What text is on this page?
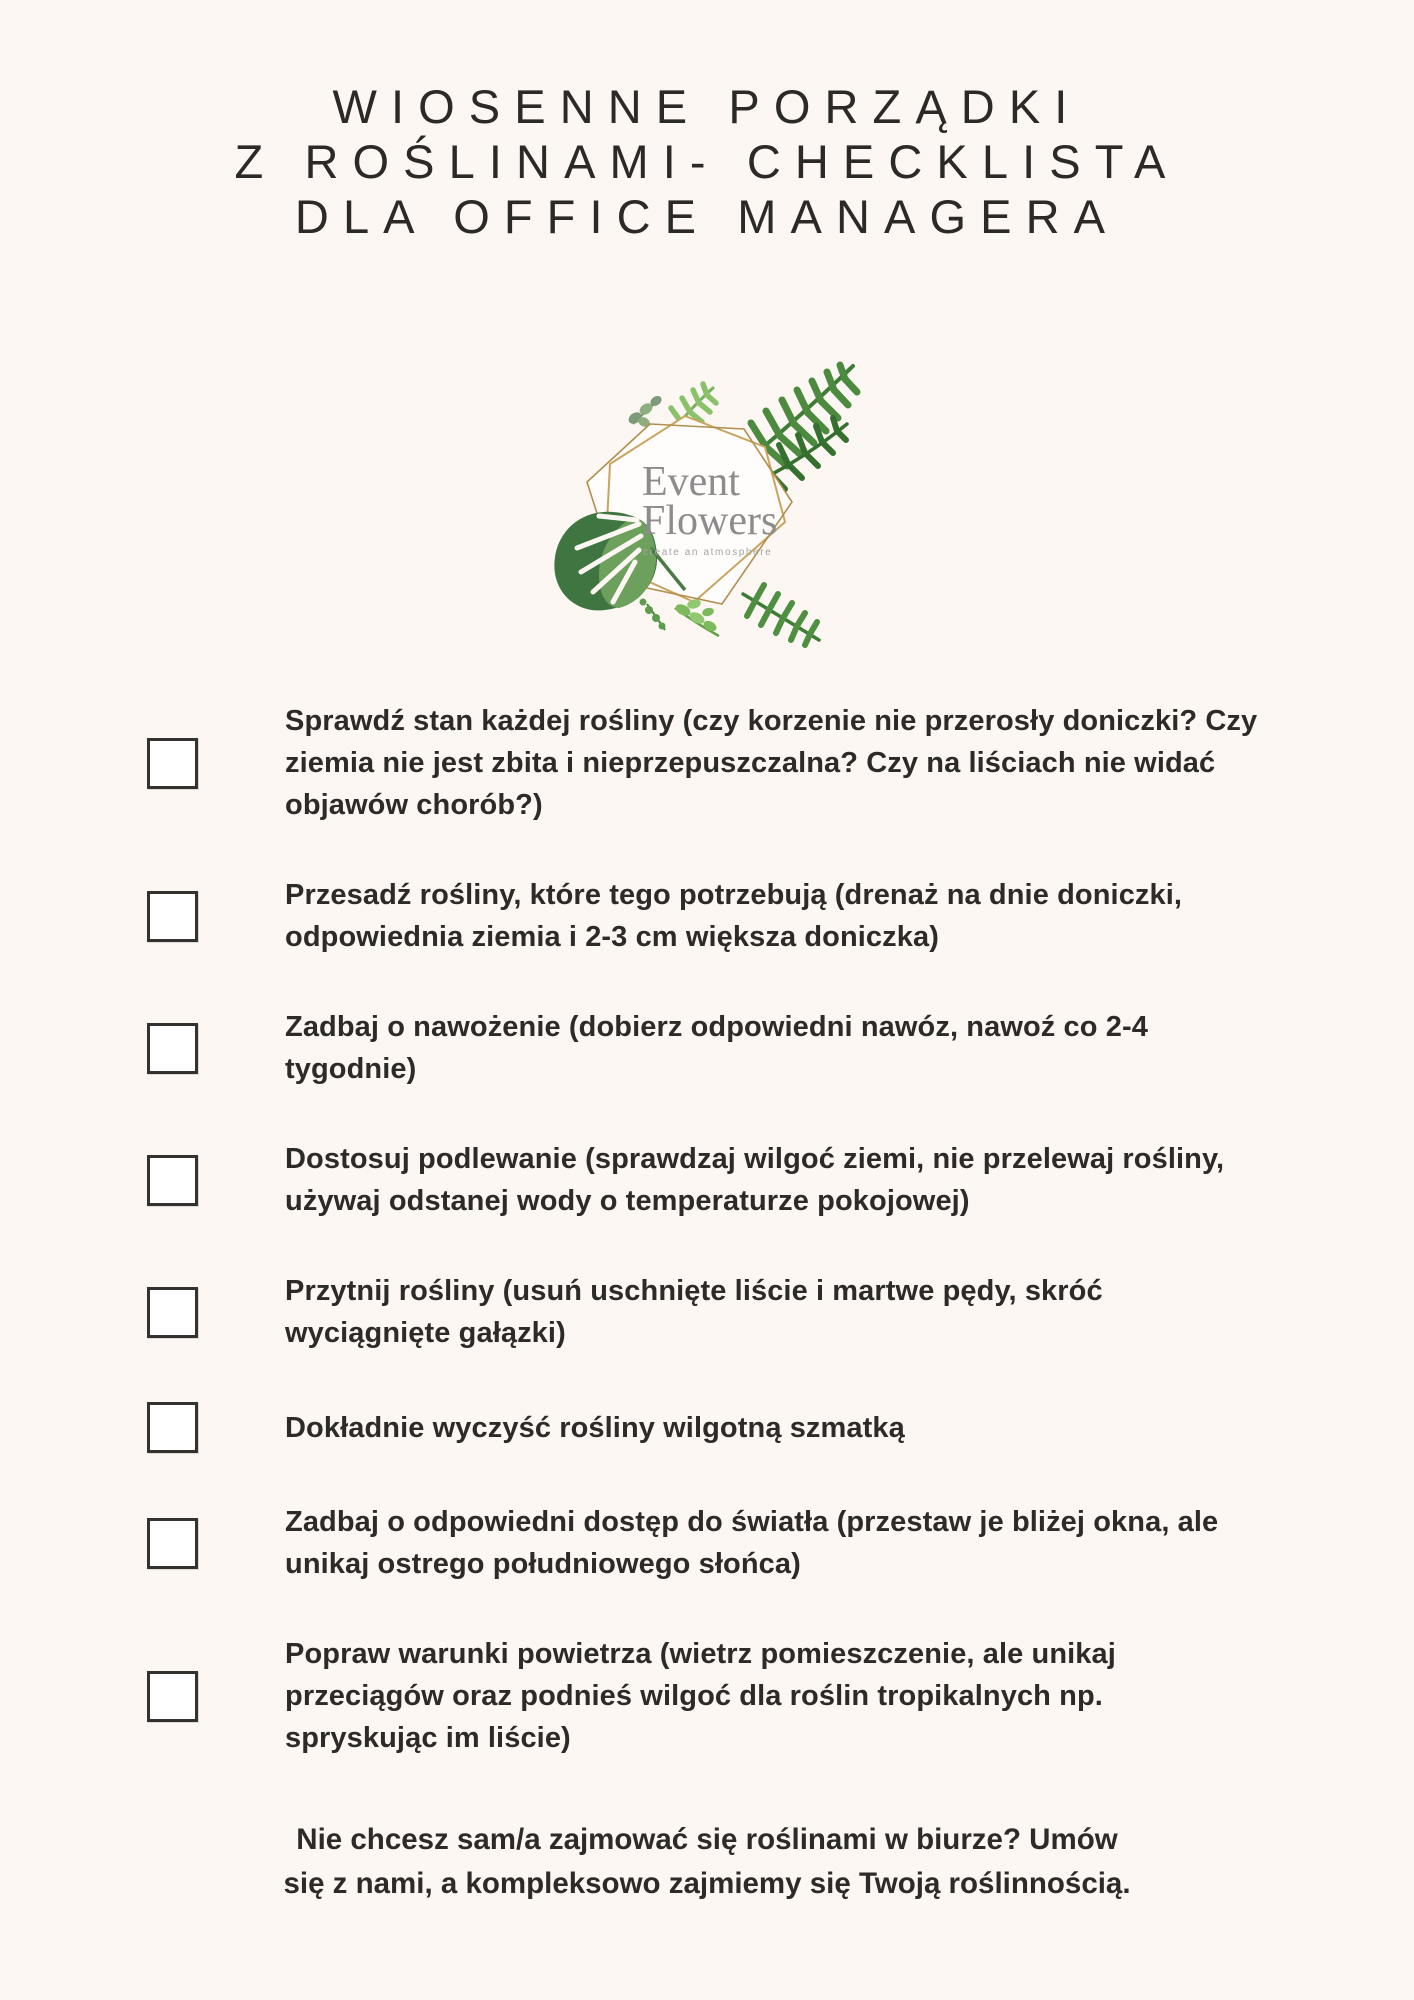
WIOSENNE PORZĄDKI
Z ROŚLINAMI- CHECKLISTA
DLA OFFICE MANAGERA
Event
Flowers
create an atmosphere

Sprawdź stan każdej rośliny (czy korzenie nie przerosły doniczki? Czy ziemia nie jest zbita i nieprzepuszczalna? Czy na liściach nie widać objawów chorób?)

Przesadź rośliny, które tego potrzebują (drenaż na dnie doniczki, odpowiednia ziemia i 2-3 cm większa doniczka)

Zadbaj o nawożenie (dobierz odpowiedni nawóz, nawoź co 2-4 tygodnie)

Dostosuj podlewanie (sprawdzaj wilgoć ziemi, nie przelewaj rośliny, używaj odstanej wody o temperaturze pokojowej)

Przytnij rośliny (usuń uschnięte liście i martwe pędy, skróć wyciągnięte gałązki)

Dokładnie wyczyść rośliny wilgotną szmatką

Zadbaj o odpowiedni dostęp do światła (przestaw je bliżej okna, ale unikaj ostrego południowego słońca)

Popraw warunki powietrza (wietrz pomieszczenie, ale unikaj przeciągów oraz podnieś wilgoć dla roślin tropikalnych np. spryskując im liście)

Nie chcesz sam/a zajmować się roślinami w biurze? Umów
się z nami, a kompleksowo zajmiemy się Twoją roślinnością.
